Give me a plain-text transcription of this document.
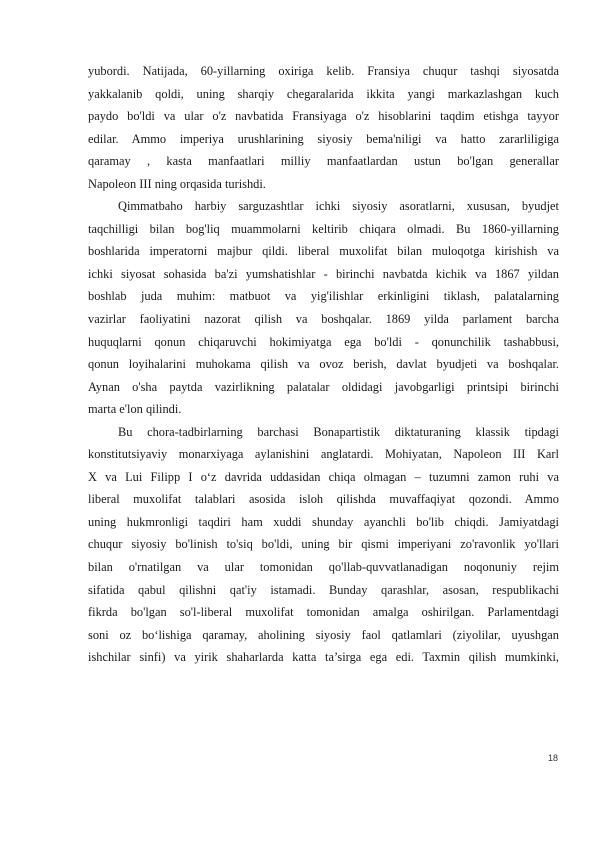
yubordi. Natijada, 60-yillarning oxiriga kelib. Fransiya chuqur tashqi siyosatda
yakkalanib qoldi, uning sharqiy chegaralarida ikkita yangi markazlashgan kuch
paydo bo'ldi va ular o'z navbatida Fransiyaga o'z hisoblarini taqdim etishga tayyor
edilar. Ammo imperiya urushlarining siyosiy bema'niligi va hatto zararliligiga
qaramay , kasta manfaatlari milliy manfaatlardan ustun bo'lgan generallar
Napoleon III ning orqasida turishdi.
Qimmatbaho harbiy sarguzashtlar ichki siyosiy asoratlarni, xususan, byudjet
taqchilligi bilan bog'liq muammolarni keltirib chiqara olmadi. Bu 1860-yillarning
boshlarida imperatorni majbur qildi. liberal muxolifat bilan muloqotga kirishish va
ichki siyosat sohasida ba'zi yumshatishlar - birinchi navbatda kichik va 1867 yildan
boshlab juda muhim: matbuot va yig'ilishlar erkinligini tiklash, palatalarning
vazirlar faoliyatini nazorat qilish va boshqalar. 1869 yilda parlament barcha
huquqlarni qonun chiqaruvchi hokimiyatga ega bo'ldi - qonunchilik tashabbusi,
qonun loyihalarini muhokama qilish va ovoz berish, davlat byudjeti va boshqalar.
Aynan o'sha paytda vazirlikning palatalar oldidagi javobgarligi printsipi birinchi
marta e'lon qilindi.
Bu chora-tadbirlarning barchasi Bonapartistik diktaturaning klassik tipdagi
konstitutsiyaviy monarxiyaga aylanishini anglatardi. Mohiyatan, Napoleon III Karl
X va Lui Filipp I o‘z davrida uddasidan chiqa olmagan – tuzumni zamon ruhi va
liberal muxolifat talablari asosida isloh qilishda muvaffaqiyat qozondi. Ammo
uning hukmronligi taqdiri ham xuddi shunday ayanchli bo'lib chiqdi. Jamiyatdagi
chuqur siyosiy bo'linish to'siq bo'ldi, uning bir qismi imperiyani zo'ravonlik yo'llari
bilan o'rnatilgan va ular tomonidan qo'llab-quvvatlanadigan noqonuniy rejim
sifatida qabul qilishni qat'iy istamadi. Bunday qarashlar, asosan, respublikachi
fikrda bo'lgan so'l-liberal muxolifat tomonidan amalga oshirilgan. Parlamentdagi
soni oz bo‘lishiga qaramay, aholining siyosiy faol qatlamlari (ziyolilar, uyushgan
ishchilar sinfi) va yirik shaharlarda katta ta’sirga ega edi. Taxmin qilish mumkinki,
18
